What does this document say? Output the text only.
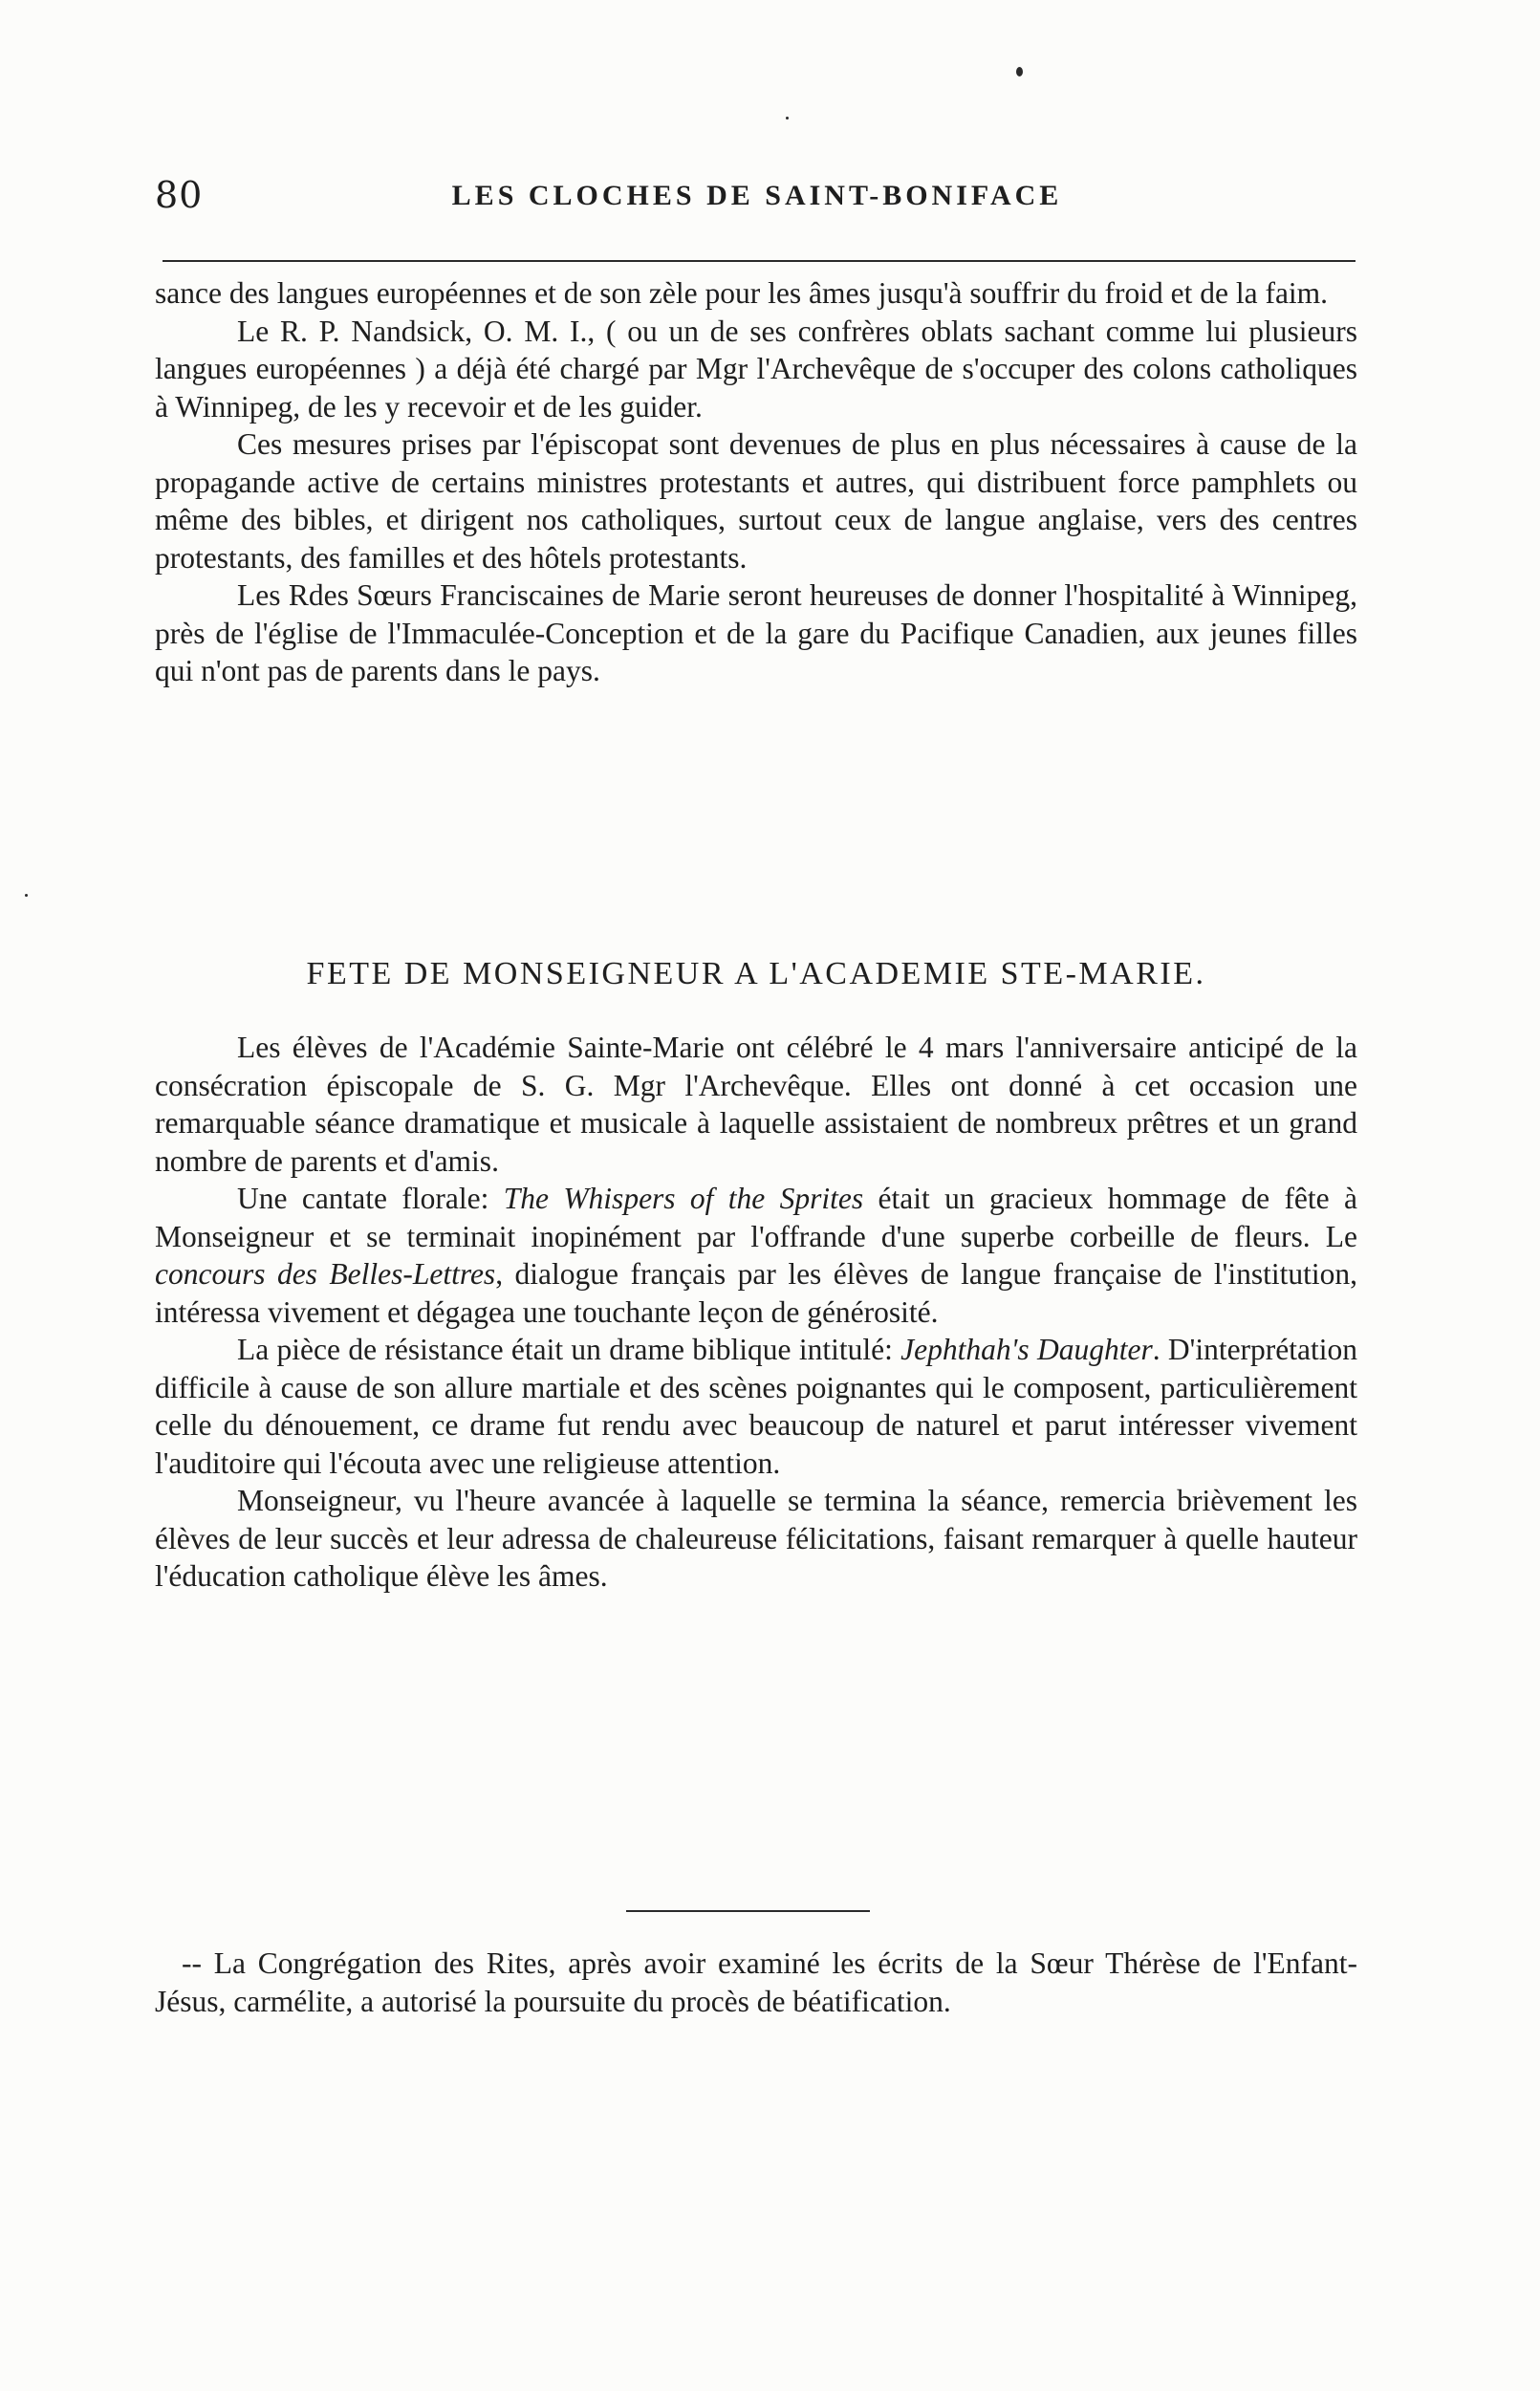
80	LES CLOCHES DE SAINT-BONIFACE

sance des langues européennes et de son zèle pour les âmes jusqu'à souffrir du froid et de la faim.

Le R. P. Nandsick, O. M. I., ( ou un de ses confrères oblats sachant comme lui plusieurs langues européennes ) a déjà été chargé par Mgr l'Archevêque de s'occuper des colons catholiques à Winnipeg, de les y recevoir et de les guider.

Ces mesures prises par l'épiscopat sont devenues de plus en plus nécessaires à cause de la propagande active de certains ministres protestants et autres, qui distribuent force pamphlets ou même des bibles, et dirigent nos catholiques, surtout ceux de langue anglaise, vers des centres protestants, des familles et des hôtels protestants.

Les Rdes Sœurs Franciscaines de Marie seront heureuses de donner l'hospitalité à Winnipeg, près de l'église de l'Immaculée-Conception et de la gare du Pacifique Canadien, aux jeunes filles qui n'ont pas de parents dans le pays.

FETE DE MONSEIGNEUR A L'ACADEMIE STE-MARIE.

Les élèves de l'Académie Sainte-Marie ont célébré le 4 mars l'anniversaire anticipé de la consécration épiscopale de S. G. Mgr l'Archevêque. Elles ont donné à cet occasion une remarquable séance dramatique et musicale à laquelle assistaient de nombreux prêtres et un grand nombre de parents et d'amis.

Une cantate florale: The Whispers of the Sprites était un gracieux hommage de fête à Monseigneur et se terminait inopinément par l'offrande d'une superbe corbeille de fleurs. Le concours des Belles-Lettres, dialogue français par les élèves de langue française de l'institution, intéressa vivement et dégagea une touchante leçon de générosité.

La pièce de résistance était un drame biblique intitulé: Jephthah's Daughter. D'interprétation difficile à cause de son allure martiale et des scènes poignantes qui le composent, particulièrement celle du dénouement, ce drame fut rendu avec beaucoup de naturel et parut intéresser vivement l'auditoire qui l'écouta avec une religieuse attention.

Monseigneur, vu l'heure avancée à laquelle se termina la séance, remercia brièvement les élèves de leur succès et leur adressa de chaleureuse félicitations, faisant remarquer à quelle hauteur l'éducation catholique élève les âmes.

-- La Congrégation des Rites, après avoir examiné les écrits de la Sœur Thérèse de l'Enfant-Jésus, carmélite, a autorisé la poursuite du procès de béatification.
